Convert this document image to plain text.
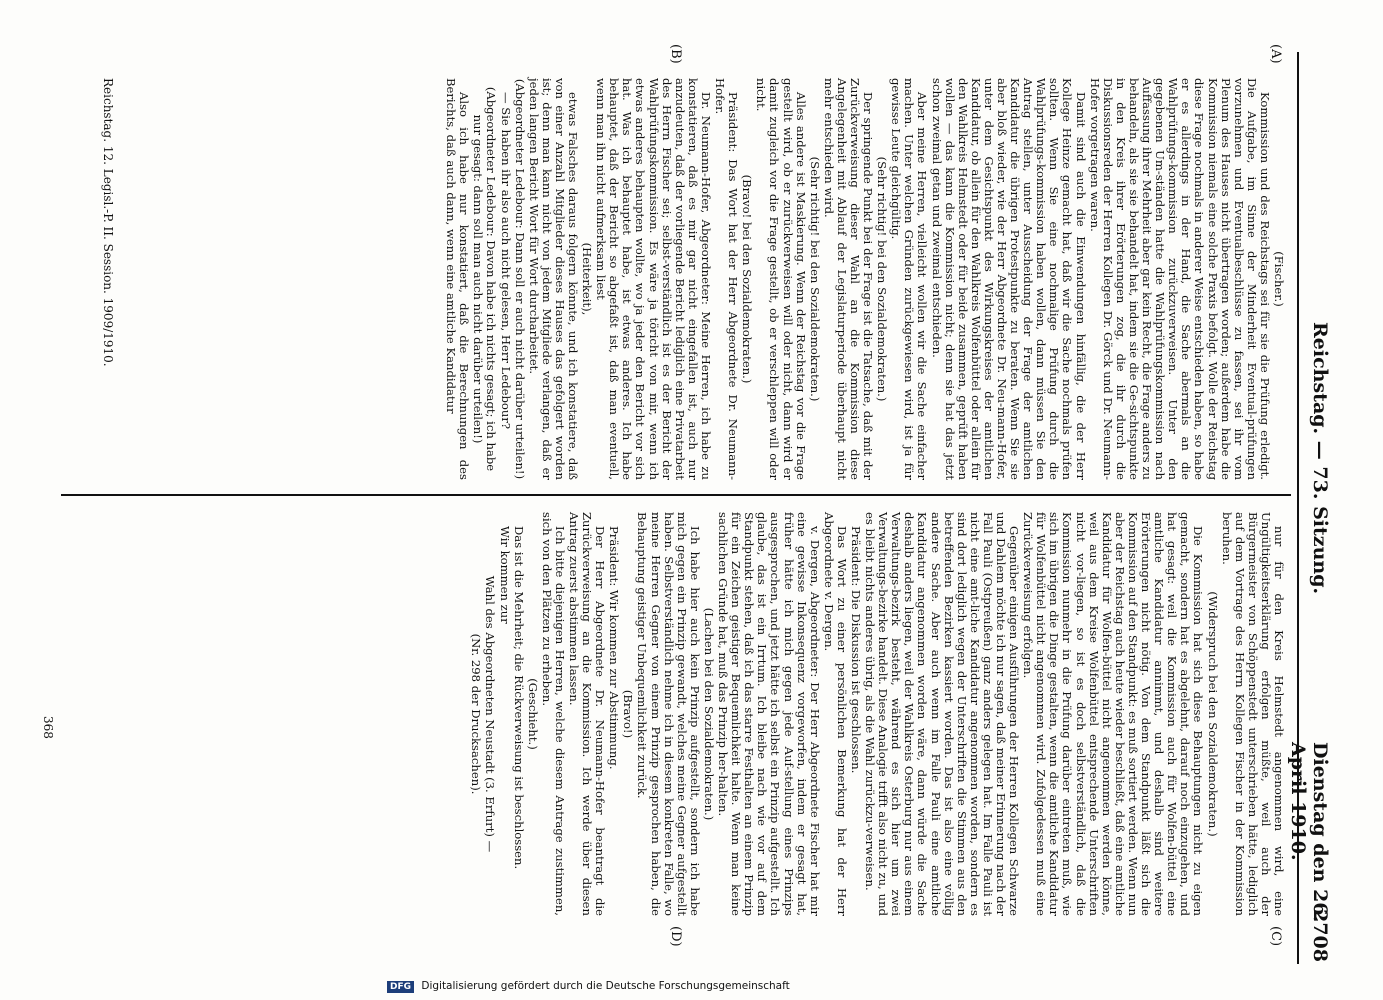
Reichstag. — 73. Sitzung.
Dienstag den 26. April 1910.
2708
(A)
(B)
(C)
(D)

(Fischer.)

Kommission und des Reichstags sei für sie die Prüfung erledigt. Die Aufgabe, im Sinne der Minderheit Eventual-prüfungen vorzunehmen und Eventualbeschlüsse zu fassen, sei ihr vom Plenum des Hauses nicht übertragen worden; außerdem habe die Kommission niemals eine solche Praxis befolgt. Wolle der Reichstag diese Frage nochmals in anderer Weise entschieden haben, so habe er es allerdings in der Hand, die Sache abermals an die Wahlprüfungs-kommission zurückzuverweisen. Unter den gegebenen Um-ständen hatte die Wahlprüfungskommission nach Auffassung ihrer Mehrheit aber gar kein Recht, die Frage anders zu behandeln, als sie sie behandelt hat, indem sie die Ge-sichtspunkte in den Kreis ihrer Erörterungen zog, die ihr durch die Diskussionsreden der Herren Kollegen Dr. Görck und Dr. Neumann-Hofer vorgetragen waren.

Damit sind auch die Einwendungen hinfällig, die der Herr Kollege Heinze gemacht hat, daß wir die Sache nochmals prüfen sollten. Wenn Sie eine nochmalige Prüfung durch die Wahlprüfungs-kommission haben wollen, dann müssen Sie den Antrag stellen, unter Ausscheidung der Frage der amtlichen Kandidatur die übrigen Protestpunkte zu beraten. Wenn Sie sie aber bloß wieder, wie der Herr Abgeordnete Dr. Neu-mann-Hofer, unter dem Gesichtspunkt des Wirkungskreises der amtlichen Kandidatur, ob allein für den Wahlkreis Wolfenbüttel oder allein für den Wahlkreis Helmstedt oder für beide zusammen, geprüft haben wollen — das kann die Kommission nicht; denn sie hat das jetzt schon zweimal getan und zweimal entschieden.

Aber meine Herren, vielleicht wollen wir die Sache einfacher machen. Unter welchen Gründen zurückgewiesen wird, ist ja für gewisse Leute gleichgültig.

(Sehr richtig! bei den Sozialdemokraten.)

Der springende Punkt bei der Frage ist die Tatsache, daß mit der Zurückverweisung dieser Wahl an die Kommission diese Angelegenheit mit Ablauf der Legislaturperiode überhaupt nicht mehr entschieden wird.

(Sehr richtig! bei den Sozialdemokraten.)

Alles andere ist Maskierung. Wenn der Reichstag vor die Frage gestellt wird, ob er zurückverweisen will oder nicht, dann wird er damit zugleich vor die Frage gestellt, ob er verschleppen will oder nicht.

(Bravo! bei den Sozialdemokraten.)

Präsident: Das Wort hat der Herr Abgeordnete Dr. Neumann-Hofer.

Dr. Neumann-Hofer, Abgeordneter: Meine Herren, ich habe zu konstatieren, daß es mir gar nicht eingefallen ist, auch nur anzudeuten, daß der vorliegende Bericht lediglich eine Privatarbeit des Herrn Fischer sei; selbst-verständlich ist es der Bericht der Wahlprüfungskommission. Es wäre ja töricht von mir, wenn ich etwas anderes behaupten wollte, wo ja jeder den Bericht vor sich hat. Was ich behauptet habe, ist etwas anderes. Ich habe behauptet, daß der Bericht so abgefaßt ist, daß man eventuell, wenn man ihn nicht aufmerksam liest

(Heiterkeit),

etwas Falsches daraus folgern könnte, und ich konstatiere, daß von einer Anzahl Mitglieder dieses Hauses das gefolgert worden ist; denn man kann nicht von jedem Mitgliede verlangen, daß er jeden langen Bericht Wort für Wort durcharbeitet.

(Abgeordneter Ledebour: Dann soll er auch nicht darüber urteilen!)

— Sie haben ihr also auch nicht gelesen, Herr Ledebour?

(Abgeordneter Ledebour: Davon habe ich nichts gesagt; ich habe nur gesagt: dann soll man auch nicht darüber urteilen!)

Also ich habe nur konstatiert, daß die Berechnungen des Berichts, daß auch dann, wenn eine amtliche Kandidatur

nur für den Kreis Helmstedt angenommen wird, eine Ungültigkeitserklärung erfolgen müßte, weil auch der Bürgermeister von Schöppenstedt unterschrieben hätte, lediglich auf dem Vortrage des Herrn Kollegen Fischer in der Kommission beruhen.

(Widerspruch bei den Sozialdemokraten.)

Die Kommission hat sich diese Behauptungen nicht zu eigen gemacht, sondern hat es abgelehnt, darauf noch einzugehen, und hat gesagt: weil die Kommission auch für Wolfen-büttel eine amtliche Kandidatur annimmt, und deshalb sind weitere Erörterungen nicht nötig. Von dem Standpunkt läßt sich die Kommission auf den Standpunkt: es muß sortiert werden. Wenn nun aber der Reichstag auch heute wieder beschließt, daß eine amtliche Kandidatur für Wolfen-büttel nicht angenommen werden könne, weil aus dem Kreise Wolfenbüttel entsprechende Unterschriften nicht vor-liegen, so ist es doch selbstverständlich, daß die Kommission nunmehr in die Prüfung darüber eintreten muß, wie sich im übrigen die Dinge gestalten, wenn die amtliche Kandidatur für Wolfenbüttel nicht angenommen wird. Zufolgedessen muß eine Zurückverweisung erfolgen.

Gegenüber einigen Ausführungen der Herren Kollegen Schwarze und Dahlem möchte ich nur sagen, daß meiner Erinnerung nach der Fall Pauli (Ostpreußen) ganz anders gelegen hat. Im Falle Pauli ist nicht eine amt-liche Kandidatur angenommen worden, sondern es sind dort lediglich wegen der Unterschriften die Stimmen aus den betreffenden Bezirken kassiert worden. Das ist also eine völlig andere Sache. Aber auch wenn im Falle Pauli eine amtliche Kandidatur angenommen worden wäre, dann würde die Sache deshalb anders liegen, weil der Wahlkreis Osterburg nur aus einem Verwaltungs-bezirk besteht, während es sich hier um zwei Verwaltungs-bezirke handelt. Diese Analogie trifft also nicht zu, und es bleibt nichts anderes übrig, als die Wahl zurückzu-verweisen.

Präsident: Die Diskussion ist geschlossen.

Das Wort zu einer persönlichen Bemerkung hat der Herr Abgeordnete v. Dergen.

v. Dergen, Abgeordneter: Der Herr Abgeordnete Fischer hat mir eine gewisse Inkonsequenz vorgeworfen, indem er gesagt hat, früher hätte ich mich gegen jede Auf-stellung eines Prinzips ausgesprochen, und jetzt hätte ich selbst ein Prinzip aufgestellt. Ich glaube, das ist ein Irrtum. Ich bleibe nach wie vor auf dem Standpunkt stehen, daß ich das starre Festhalten an einem Prinzip für ein Zeichen geistiger Bequemlichkeit halte. Wenn man keine sachlichen Gründe hat, muß das Prinzip her-halten.

(Lachen bei den Sozialdemokraten.)

Ich habe hier auch kein Prinzip aufgestellt, sondern ich habe mich gegen ein Prinzip gewandt, welches meine Gegner aufgestellt haben. Selbstverständlich nehme ich in diesem konkreten Falle, wo meine Herren Gegner von einem Prinzip gesprochen haben, die Behauptung geistiger Unbequemlichkeit zurück.

(Bravo!)

Präsident: Wir kommen zur Abstimmung.

Der Herr Abgeordnete Dr. Neumann-Hofer beantragt die Zurückverweisung an die Kommission. Ich werde über diesen Antrag zuerst abstimmen lassen.

Ich bitte diejenigen Herren, welche diesem Antrage zustimmen, sich von den Plätzen zu erheben.

(Geschieht.)

Das ist die Mehrheit; die Rückverweisung ist beschlossen.

Wir kommen zur

Wahl des Abgeordneten Neustadt (3. Erfurt) —

(Nr. 298 der Drucksachen).

Reichstag. 12. Legisl.-P. II. Session. 1909/1910.
368
DFG Digitalisierung gefördert durch die Deutsche Forschungsgemeinschaft
